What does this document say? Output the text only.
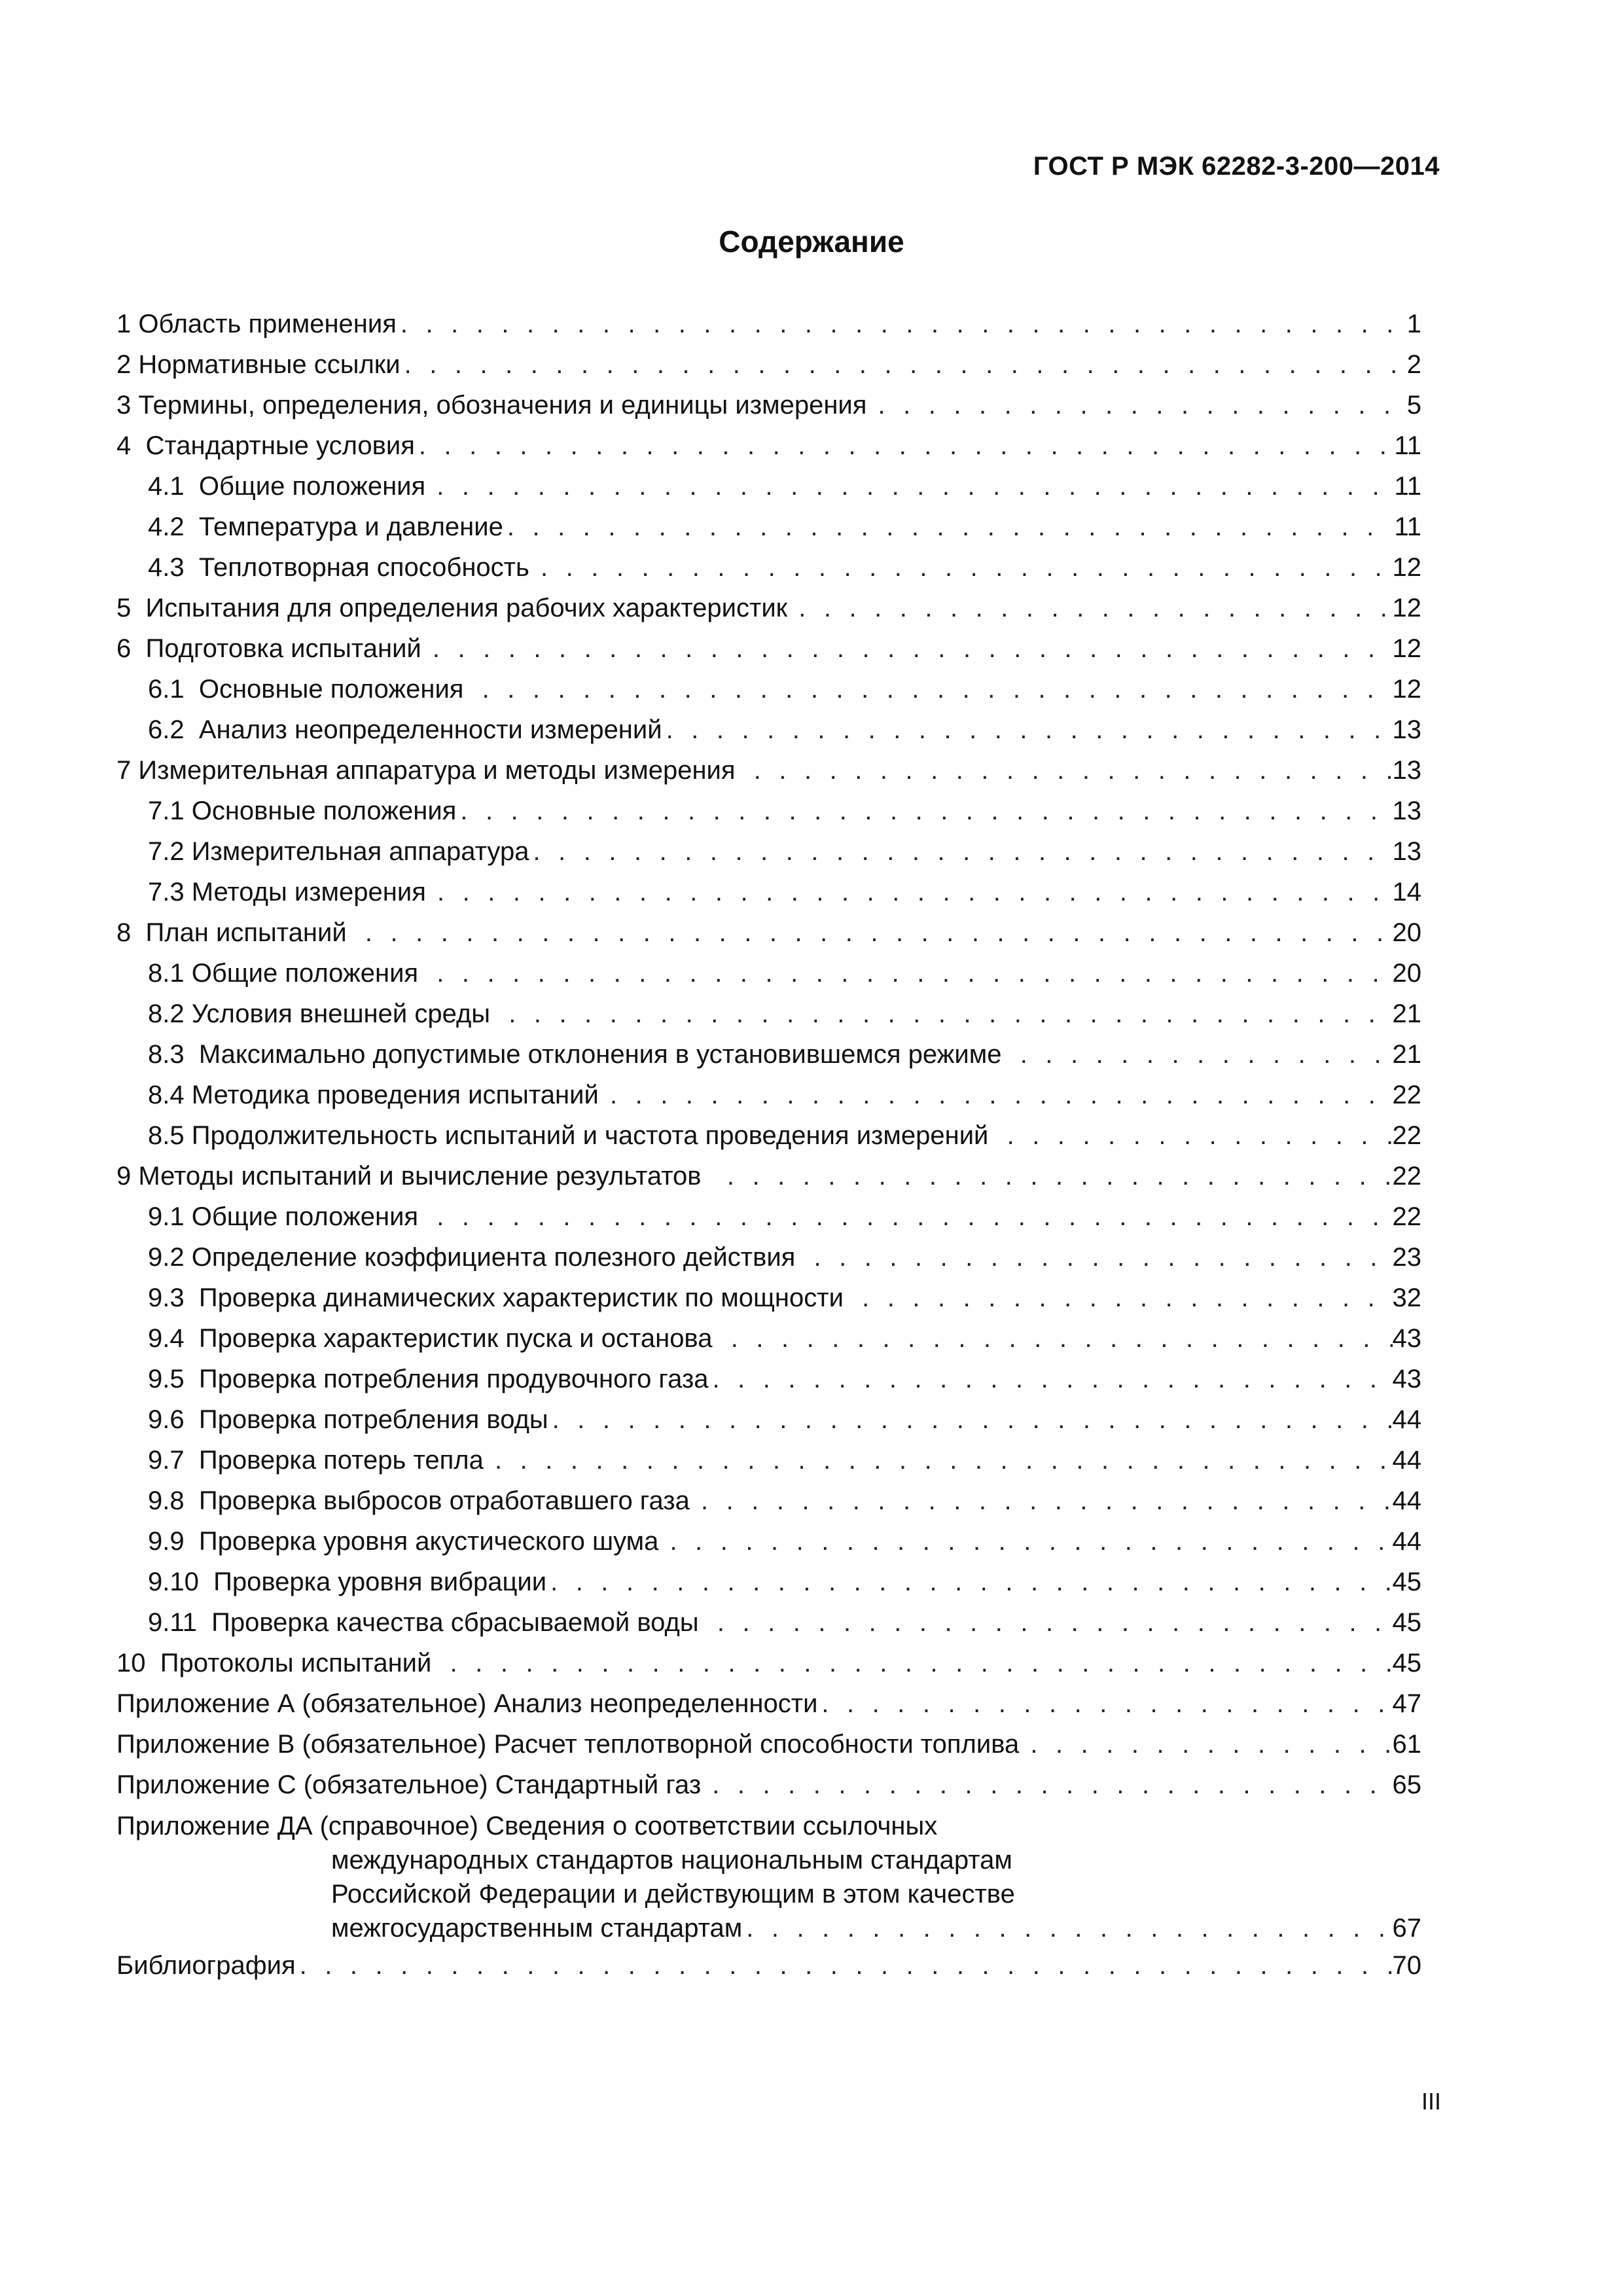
ГОСТ Р МЭК 62282-3-200—2014
Содержание
1 Область применения . . .	1
2 Нормативные ссылки . . .	2
3 Термины, определения, обозначения и единицы измерения . . .	5
4  Стандартные условия . . .	11
4.1  Общие положения . . .	11
4.2  Температура и давление . . .	11
4.3  Теплотворная способность . . .	12
5  Испытания для определения рабочих характеристик . . .	12
6  Подготовка испытаний . . .	12
6.1  Основные положения . . .	12
6.2  Анализ неопределенности измерений . . .	13
7 Измерительная аппаратура и методы измерения . . .	13
7.1 Основные положения . . .	13
7.2 Измерительная аппаратура . . .	13
7.3 Методы измерения . . .	14
8  План испытаний . . .	20
8.1 Общие положения . . .	20
8.2 Условия внешней среды . . .	21
8.3  Максимально допустимые отклонения в установившемся режиме . . .	21
8.4 Методика проведения испытаний . . .	22
8.5 Продолжительность испытаний и частота проведения измерений . . .	22
9 Методы испытаний и вычисление результатов . . .	22
9.1 Общие положения . . .	22
9.2 Определение коэффициента полезного действия . . .	23
9.3  Проверка динамических характеристик по мощности . . .	32
9.4  Проверка характеристик пуска и останова . . .	43
9.5  Проверка потребления продувочного газа . . .	43
9.6  Проверка потребления воды . . .	44
9.7  Проверка потерь тепла . . .	44
9.8  Проверка выбросов отработавшего газа . . .	44
9.9  Проверка уровня акустического шума . . .	44
9.10  Проверка уровня вибрации . . .	45
9.11  Проверка качества сбрасываемой воды . . .	45
10  Протоколы испытаний . . .	45
Приложение А (обязательное) Анализ неопределенности . . .	47
Приложение В (обязательное) Расчет теплотворной способности топлива . . .	61
Приложение С (обязательное) Стандартный газ . . .	65
Приложение ДА (справочное) Сведения о соответствии ссылочных
международных стандартов национальным стандартам
Российской Федерации и действующим в этом качестве
межгосударственным стандартам . . .	67
Библиография . . .	70
III
